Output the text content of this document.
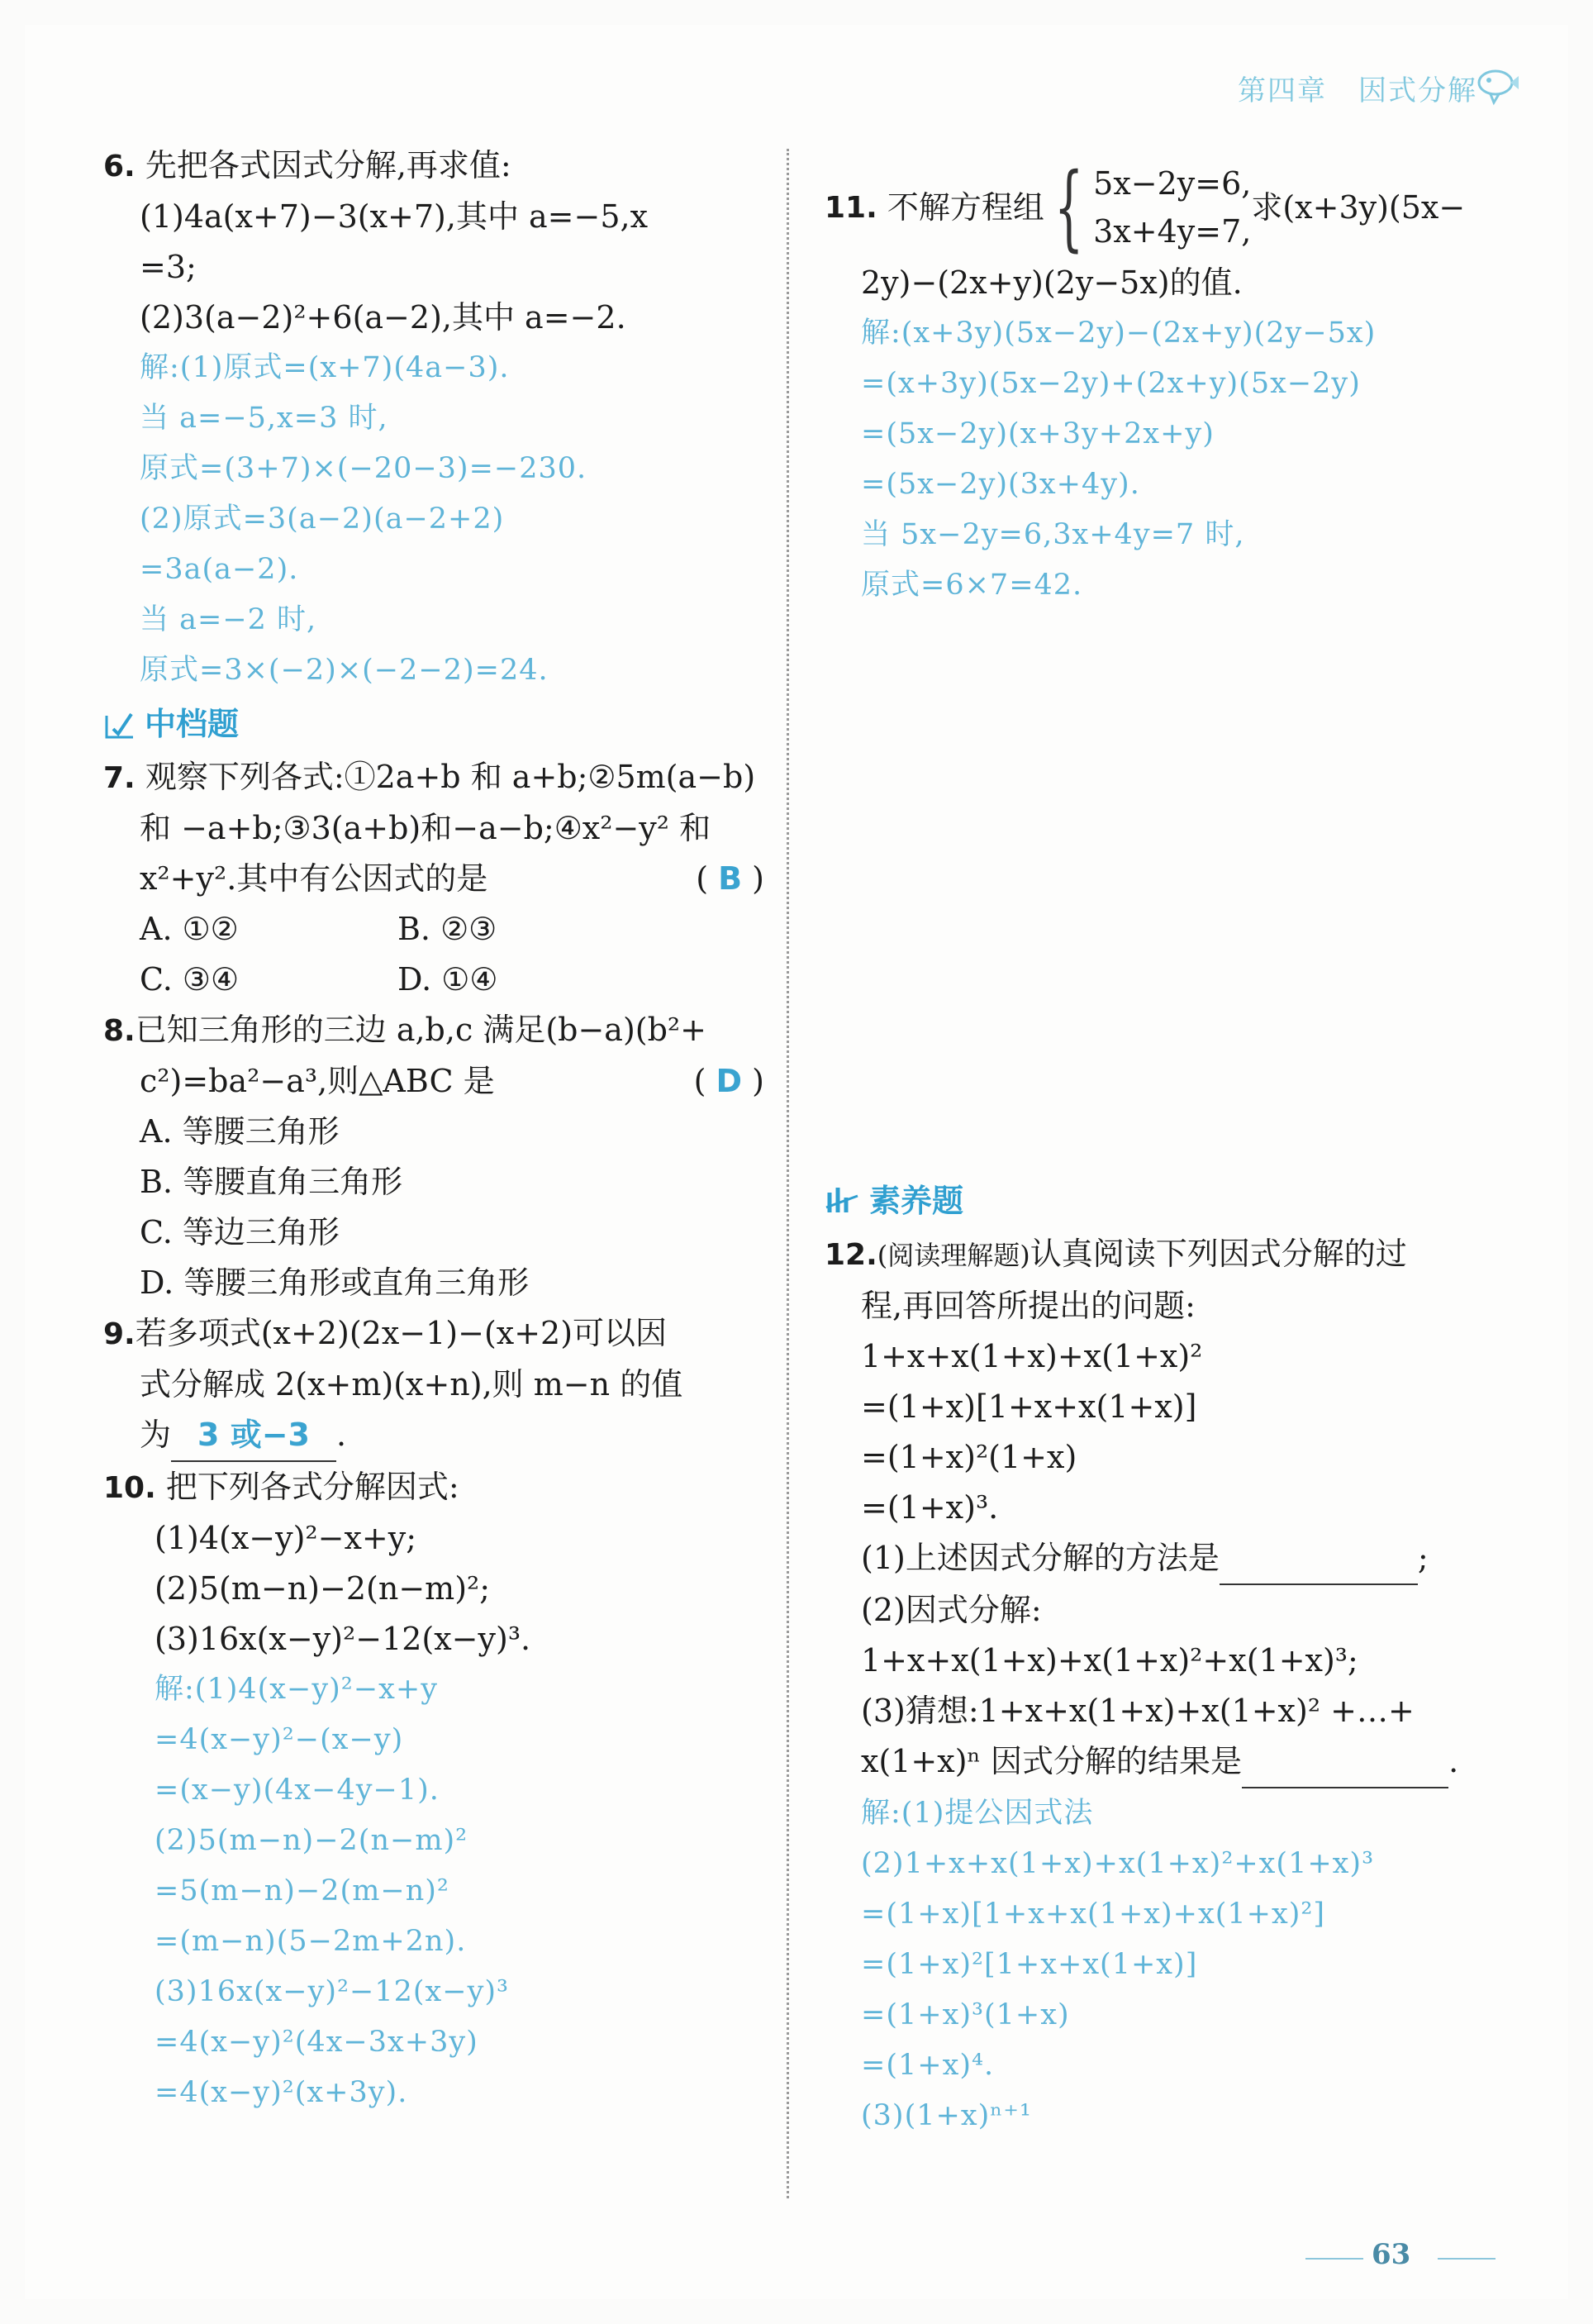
第四章 因式分解
6. 先把各式因式分解,再求值:
(1)4a(x+7)−3(x+7),其中 a=−5,x
=3;
(2)3(a−2)²+6(a−2),其中 a=−2.
解:(1)原式=(x+7)(4a−3).
当 a=−5,x=3 时,
原式=(3+7)×(−20−3)=−230.
(2)原式=3(a−2)(a−2+2)
=3a(a−2).
当 a=−2 时,
原式=3×(−2)×(−2−2)=24.
中档题
7. 观察下列各式:①2a+b 和 a+b;②5m(a−b)
和 −a+b;③3(a+b)和−a−b;④x²−y² 和
x²+y².其中有公因式的是	( B )
A. ①②	B. ②③
C. ③④	D. ①④
8.已知三角形的三边 a,b,c 满足(b−a)(b²+
c²)=ba²−a³,则△ABC 是	( D )
A. 等腰三角形
B. 等腰直角三角形
C. 等边三角形
D. 等腰三角形或直角三角形
9.若多项式(x+2)(2x−1)−(x+2)可以因
式分解成 2(x+m)(x+n),则 m−n 的值
为 3 或−3 .
10. 把下列各式分解因式:
(1)4(x−y)²−x+y;
(2)5(m−n)−2(n−m)²;
(3)16x(x−y)²−12(x−y)³.
解:(1)4(x−y)²−x+y
=4(x−y)²−(x−y)
=(x−y)(4x−4y−1).
(2)5(m−n)−2(n−m)²
=5(m−n)−2(m−n)²
=(m−n)(5−2m+2n).
(3)16x(x−y)²−12(x−y)³
=4(x−y)²(4x−3x+3y)
=4(x−y)²(x+3y).
11.
不解方程组 { 5x−2y=6,
3x+4y=7,
求(x+3y)(5x−
2y)−(2x+y)(2y−5x)的值.
解:(x+3y)(5x−2y)−(2x+y)(2y−5x)
=(x+3y)(5x−2y)+(2x+y)(5x−2y)
=(5x−2y)(x+3y+2x+y)
=(5x−2y)(3x+4y).
当 5x−2y=6,3x+4y=7 时,
原式=6×7=42.
素养题
12.(阅读理解题)认真阅读下列因式分解的过
程,再回答所提出的问题:
1+x+x(1+x)+x(1+x)²
=(1+x)[1+x+x(1+x)]
=(1+x)²(1+x)
=(1+x)³.
(1)上述因式分解的方法是	;
(2)因式分解:
1+x+x(1+x)+x(1+x)²+x(1+x)³;
(3)猜想:1+x+x(1+x)+x(1+x)² +…+
x(1+x)ⁿ 因式分解的结果是	.
解:(1)提公因式法
(2)1+x+x(1+x)+x(1+x)²+x(1+x)³
=(1+x)[1+x+x(1+x)+x(1+x)²]
=(1+x)²[1+x+x(1+x)]
=(1+x)³(1+x)
=(1+x)⁴.
(3)(1+x)ⁿ⁺¹
63
